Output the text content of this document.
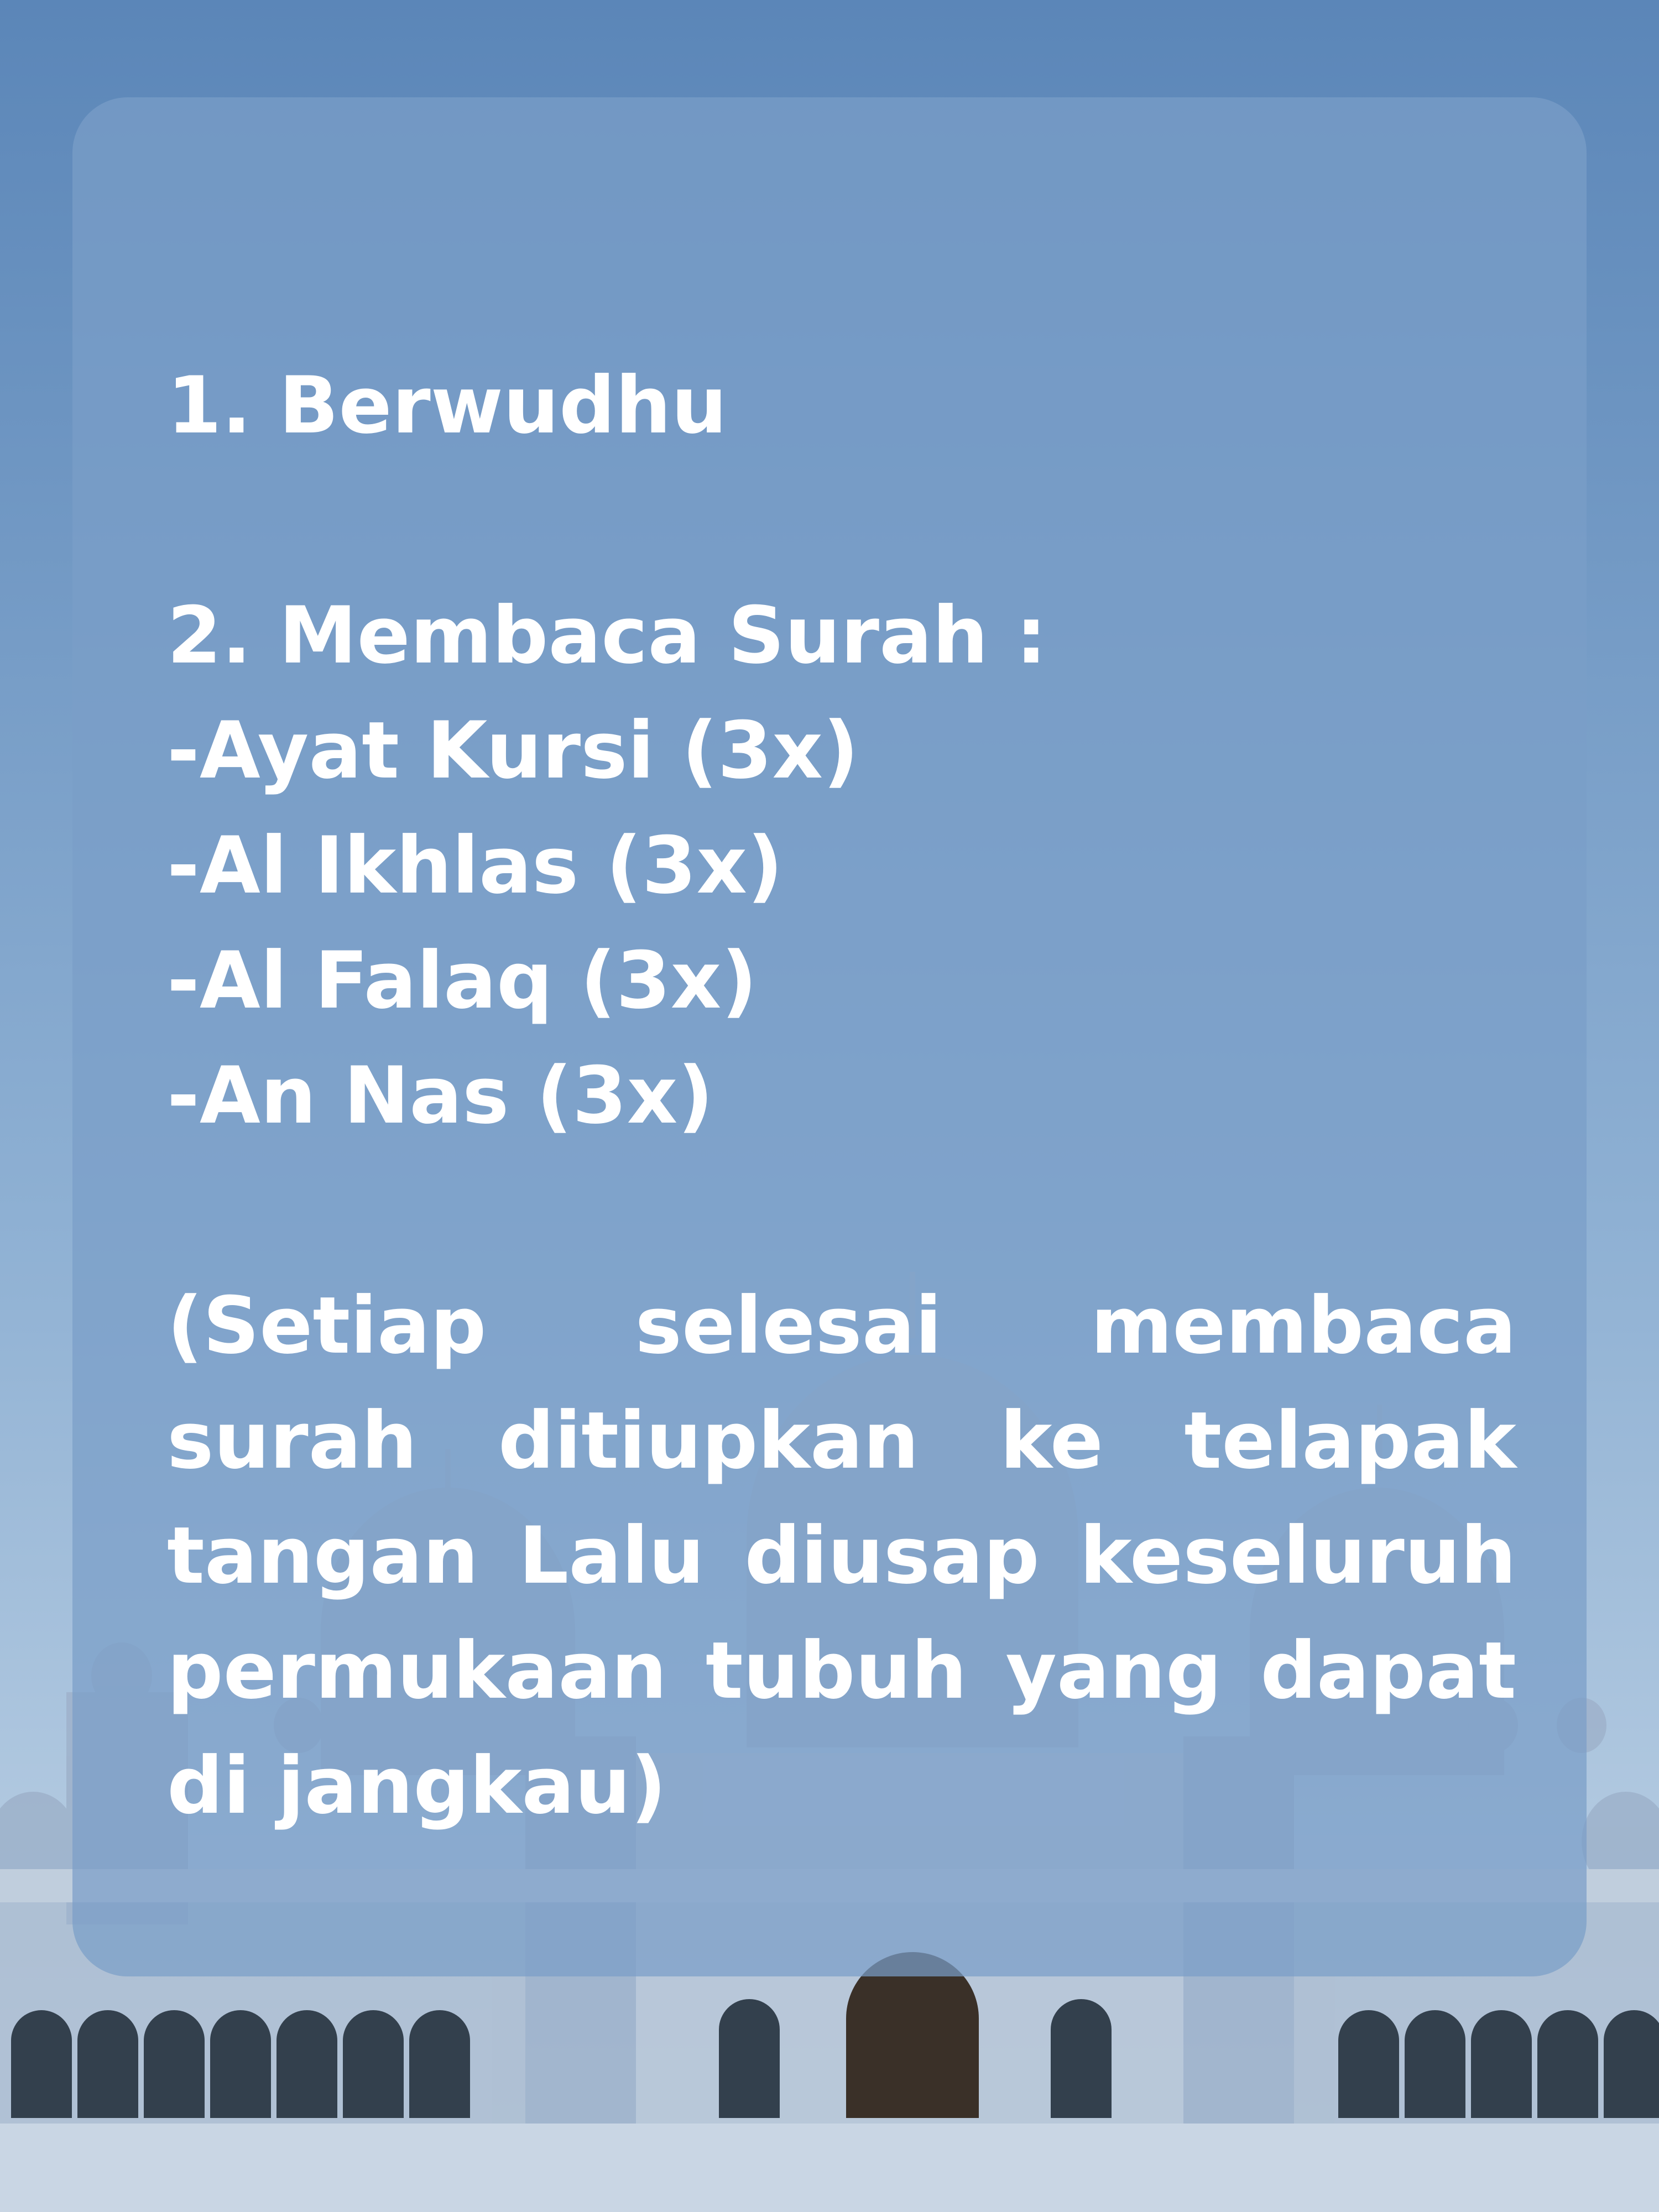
1. Berwudhu
2. Membaca Surah :
-Ayat Kursi (3x)
-Al Ikhlas (3x)
-Al Falaq (3x)
-An Nas (3x)
(Setiap selesai membaca surah ditiupkan ke telapak tangan Lalu diusap keseluruh permukaan tubuh yang dapat di jangkau)
